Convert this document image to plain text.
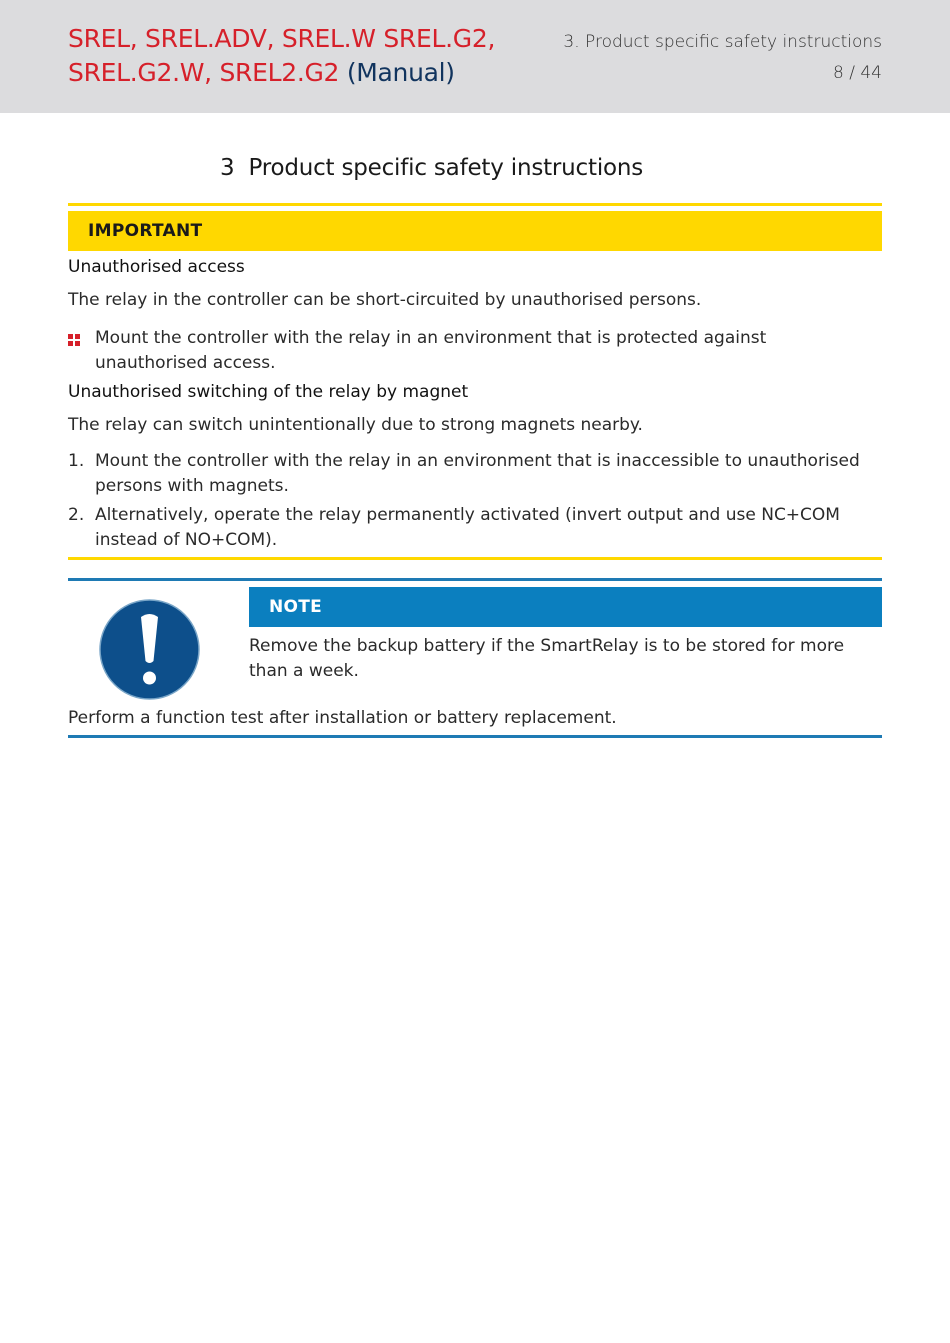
SREL, SREL.ADV, SREL.W SREL.G2, SREL.G2.W, SREL2.G2 (Manual)
3. Product specific safety instructions
8 / 44
3 Product specific safety instructions
IMPORTANT

Unauthorised access

The relay in the controller can be short-circuited by unauthorised persons.

Mount the controller with the relay in an environment that is protected against unauthorised access.

Unauthorised switching of the relay by magnet

The relay can switch unintentionally due to strong magnets nearby.

1. Mount the controller with the relay in an environment that is inaccessible to unauthorised persons with magnets.

2. Alternatively, operate the relay permanently activated (invert output and use NC+COM instead of NO+COM).

NOTE

Remove the backup battery if the SmartRelay is to be stored for more than a week.

Perform a function test after installation or battery replacement.
